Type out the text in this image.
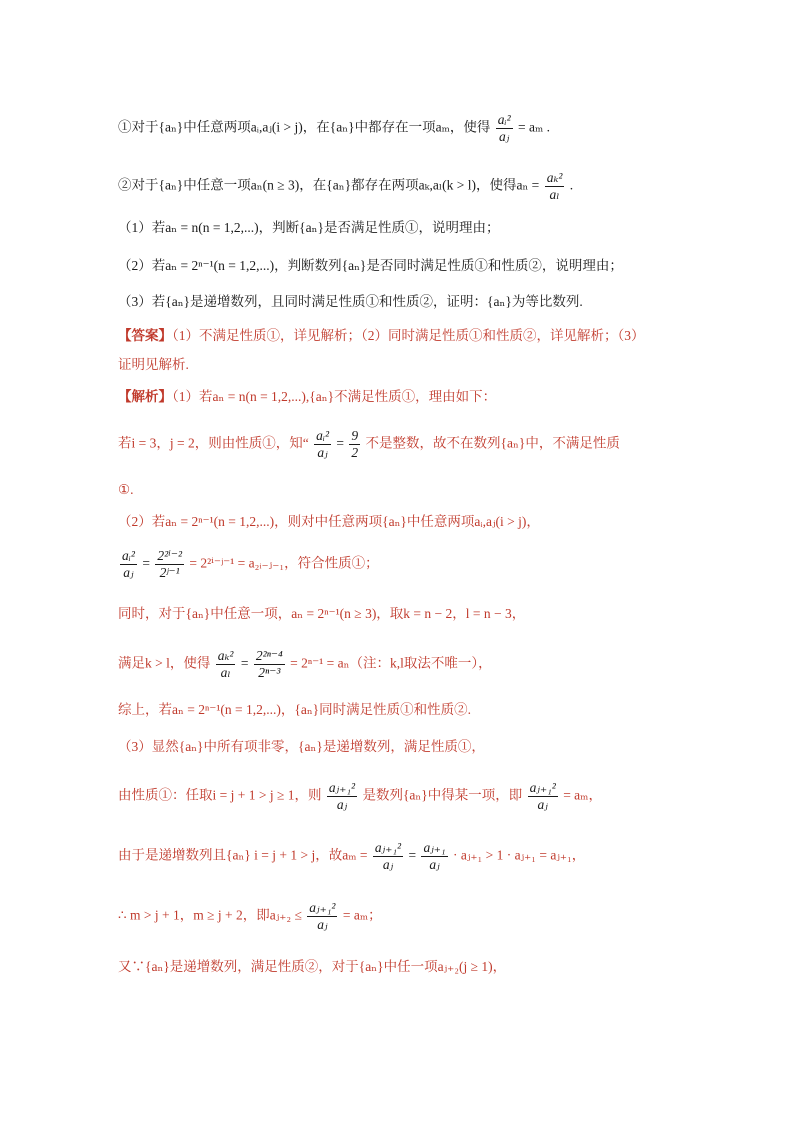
①对于{aₙ}中任意两项aᵢ,aⱼ(i > j)，在{aₙ}中都存在一项aₘ，使得 $\frac{\text{aᵢ²}}{\text{aⱼ}} = a_m$ .
②对于{aₙ}中任意一项aₙ(n ≥ 3)，在{aₙ}都存在两项aₖ,aₗ(k > l)，使得$a_n = \frac{\text{aₖ²}}{\text{aₗ}}$ .
（1）若aₙ = n(n = 1,2,...)，判断{aₙ}是否满足性质①，说明理由；
（2）若aₙ = 2ⁿ⁻¹(n = 1,2,...)，判断数列{aₙ}是否同时满足性质①和性质②，说明理由；
（3）若{aₙ}是递增数列，且同时满足性质①和性质②，证明：{aₙ}为等比数列.
【答案】（1）不满足性质①，详见解析；（2）同时满足性质①和性质②，详见解析；（3）
证明见解析.
【解析】（1）若aₙ = n(n = 1,2,...),{aₙ}不满足性质①，理由如下：
若i = 3，j = 2，则由性质①，知“ $\frac{\text{aᵢ²}}{\text{aⱼ}} = \frac{9}{2}$ 不是整数，故不在数列{aₙ}中，不满足性质
①.
（2）若aₙ = 2ⁿ⁻¹(n = 1,2,...)，则对中任意两项{aₙ}中任意两项aᵢ,aⱼ(i > j)，
$\frac{\text{aᵢ²}}{\text{aⱼ}} = \frac{\text{2²ⁱ⁻²}}{\text{2ʲ⁻¹}}$ = 2²ⁱ⁻ʲ⁻¹ = a₂ᵢ₋ⱼ₋₁，符合性质①；
同时，对于{aₙ}中任意一项，aₙ = 2ⁿ⁻¹(n ≥ 3)，取k = n − 2，l = n − 3，
满足k > l，使得 $\frac{\text{aₖ²}}{\text{aₗ}} = \frac{\text{2²ⁿ⁻⁴}}{\text{2ⁿ⁻³}} = 2^{n-1} = a_n$（注：k,l取法不唯一），
综上，若aₙ = 2ⁿ⁻¹(n = 1,2,...)，{aₙ}同时满足性质①和性质②.
（3）显然{aₙ}中所有项非零，{aₙ}是递增数列，满足性质①，
由性质①：任取i = j + 1 > j ≥ 1，则 $\frac{\text{aⱼ₊₁²}}{\text{aⱼ}}$ 是数列{aₙ}中得某一项，即 $\frac{\text{aⱼ₊₁²}}{\text{aⱼ}} = a_m$，
由于是递增数列且{aₙ} i = j + 1 > j，故$a_m = \frac{\text{aⱼ₊₁²}}{\text{aⱼ}} = \frac{\text{aⱼ₊₁}}{\text{aⱼ}}$ · aⱼ₊₁ > 1 · aⱼ₊₁ = aⱼ₊₁，
∴ m > j + 1，m ≥ j + 2，即aⱼ₊₂ ≤ $\frac{\text{aⱼ₊₁²}}{\text{aⱼ}} = a_m$；
又∵{aₙ}是递增数列，满足性质②，对于{aₙ}中任一项aⱼ₊₂(j ≥ 1)，
